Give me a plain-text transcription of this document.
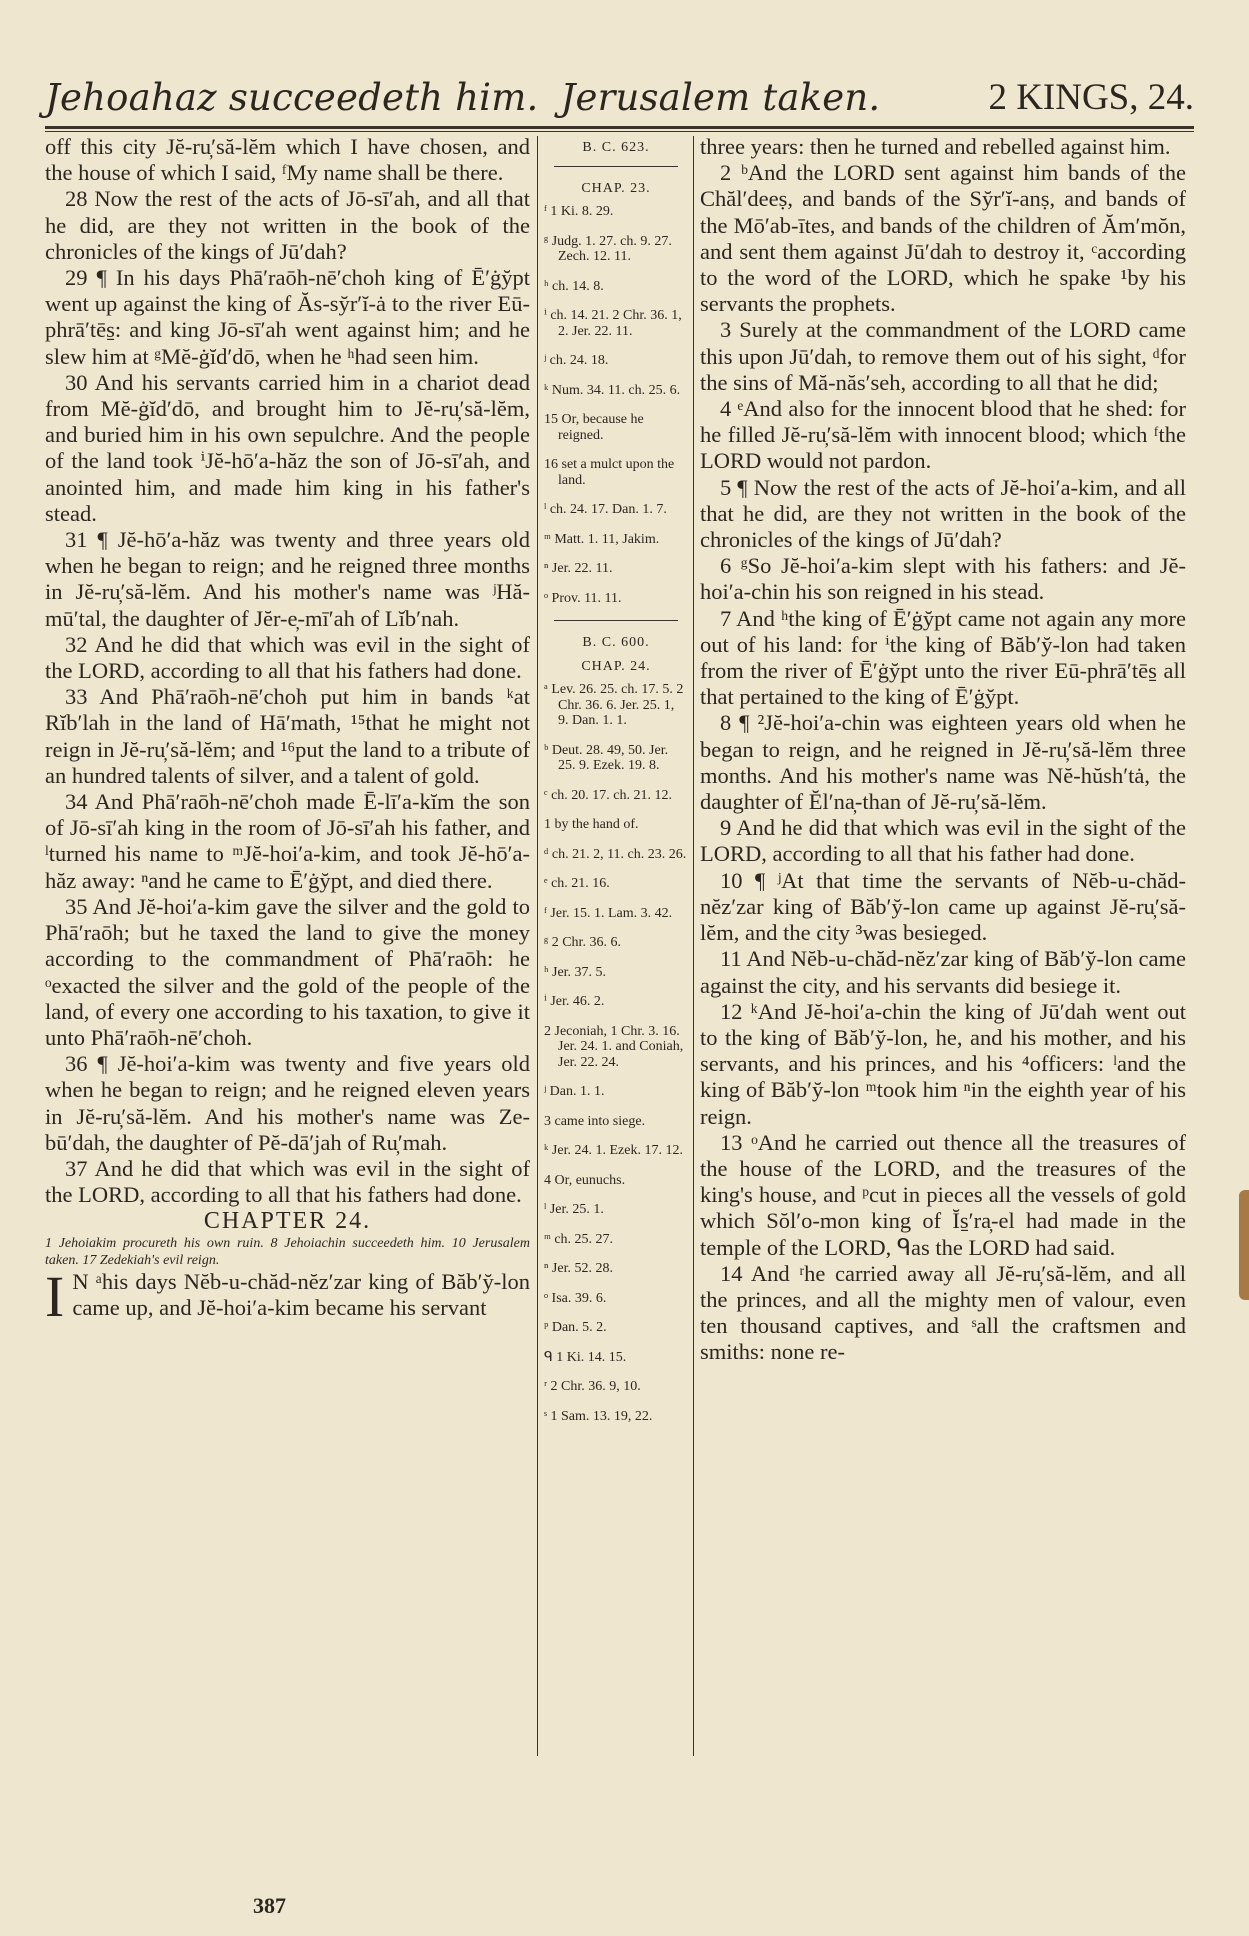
Jehoahaz succeedeth him. Jerusalem taken.	2 KINGS, 24.

off this city Jĕ-ru̦′să-lĕm which I have chosen, and the house of which I said, ᶠMy name shall be there.

28 Now the rest of the acts of Jō-sī′ah, and all that he did, are they not written in the book of the chronicles of the kings of Jū′dah?

29 ¶ In his days Phā′raōh-nē′choh king of Ē′ġy̆pt went up against the king of Ăs-sy̆r′ĭ-ȧ to the river Eū-phrā′tēs̱: and king Jō-sī′ah went against him; and he slew him at ᵍMĕ-ġĭd′dō, when he ʰhad seen him.

30 And his servants carried him in a chariot dead from Mĕ-ġĭd′dō, and brought him to Jĕ-ru̦′să-lĕm, and buried him in his own sepulchre. And the people of the land took ⁱJĕ-hō′a-hăz the son of Jō-sī′ah, and anointed him, and made him king in his father's stead.

31 ¶ Jĕ-hō′a-hăz was twenty and three years old when he began to reign; and he reigned three months in Jĕ-ru̦′să-lĕm. And his mother's name was ʲHă-mū′tal, the daughter of Jĕr-e̦-mī′ah of Lĭb′nah.

32 And he did that which was evil in the sight of the LORD, according to all that his fathers had done.

33 And Phā′raōh-nē′choh put him in bands ᵏat Rĭb′lah in the land of Hā′math, ¹⁵that he might not reign in Jĕ-ru̦′să-lĕm; and ¹⁶put the land to a tribute of an hundred talents of silver, and a talent of gold.

34 And Phā′raōh-nē′choh made Ē-lī′a-kĭm the son of Jō-sī′ah king in the room of Jō-sī′ah his father, and ˡturned his name to ᵐJĕ-hoi′a-kim, and took Jĕ-hō′a-hăz away: ⁿand he came to Ē′ġy̆pt, and died there.

35 And Jĕ-hoi′a-kim gave the silver and the gold to Phā′raōh; but he taxed the land to give the money according to the commandment of Phā′raōh: he ᵒexacted the silver and the gold of the people of the land, of every one according to his taxation, to give it unto Phā′raōh-nē′choh.

36 ¶ Jĕ-hoi′a-kim was twenty and five years old when he began to reign; and he reigned eleven years in Jĕ-ru̦′să-lĕm. And his mother's name was Ze-bū′dah, the daughter of Pĕ-dā′jah of Ru̦′mah.

37 And he did that which was evil in the sight of the LORD, according to all that his fathers had done.

CHAPTER 24.

1 Jehoiakim procureth his own ruin. 8 Jehoiachin succeedeth him. 10 Jerusalem taken. 17 Zedekiah's evil reign.

I N ᵃhis days Nĕb-u-chăd-nĕz′zar king of Băb′y̆-lon came up, and Jĕ-hoi′a-kim became his servant

B. C. 623.
CHAP. 23.
ᶠ 1 Ki. 8. 29.
ᵍ Judg. 1. 27. ch. 9. 27. Zech. 12. 11.
ʰ ch. 14. 8.
ⁱ ch. 14. 21. 2 Chr. 36. 1, 2. Jer. 22. 11.
ʲ ch. 24. 18.
ᵏ Num. 34. 11. ch. 25. 6.
15 Or, because he reigned.
16 set a mulct upon the land.
ˡ ch. 24. 17. Dan. 1. 7.
ᵐ Matt. 1. 11, Jakim.
ⁿ Jer. 22. 11.
ᵒ Prov. 11. 11.
B. C. 600.
CHAP. 24.
ᵃ Lev. 26. 25. ch. 17. 5. 2 Chr. 36. 6. Jer. 25. 1, 9. Dan. 1. 1.
ᵇ Deut. 28. 49, 50. Jer. 25. 9. Ezek. 19. 8.
ᶜ ch. 20. 17. ch. 21. 12.
1 by the hand of.
ᵈ ch. 21. 2, 11. ch. 23. 26.
ᵉ ch. 21. 16.
ᶠ Jer. 15. 1. Lam. 3. 42.
ᵍ 2 Chr. 36. 6.
ʰ Jer. 37. 5.
ⁱ Jer. 46. 2.
2 Jeconiah, 1 Chr. 3. 16. Jer. 24. 1. and Coniah, Jer. 22. 24.
ʲ Dan. 1. 1.
3 came into siege.
ᵏ Jer. 24. 1. Ezek. 17. 12.
4 Or, eunuchs.
ˡ Jer. 25. 1.
ᵐ ch. 25. 27.
ⁿ Jer. 52. 28.
ᵒ Isa. 39. 6.
ᵖ Dan. 5. 2.
ᑫ 1 Ki. 14. 15.
ʳ 2 Chr. 36. 9, 10.
ˢ 1 Sam. 13. 19, 22.

three years: then he turned and rebelled against him.

2 ᵇAnd the LORD sent against him bands of the Chăl′deeṣ, and bands of the Sy̆r′ĭ-anṣ, and bands of the Mō′ab-ītes, and bands of the children of Ăm′mŏn, and sent them against Jū′dah to destroy it, ᶜaccording to the word of the LORD, which he spake ¹by his servants the prophets.

3 Surely at the commandment of the LORD came this upon Jū′dah, to remove them out of his sight, ᵈfor the sins of Mă-năs′seh, according to all that he did;

4 ᵉAnd also for the innocent blood that he shed: for he filled Jĕ-ru̦′să-lĕm with innocent blood; which ᶠthe LORD would not pardon.

5 ¶ Now the rest of the acts of Jĕ-hoi′a-kim, and all that he did, are they not written in the book of the chronicles of the kings of Jū′dah?

6 ᵍSo Jĕ-hoi′a-kim slept with his fathers: and Jĕ-hoi′a-chin his son reigned in his stead.

7 And ʰthe king of Ē′ġy̆pt came not again any more out of his land: for ⁱthe king of Băb′y̆-lon had taken from the river of Ē′ġy̆pt unto the river Eū-phrā′tēs̱ all that pertained to the king of Ē′ġy̆pt.

8 ¶ ²Jĕ-hoi′a-chin was eighteen years old when he began to reign, and he reigned in Jĕ-ru̦′să-lĕm three months. And his mother's name was Nĕ-hŭsh′tȧ, the daughter of Ĕl′na̦-than of Jĕ-ru̦′să-lĕm.

9 And he did that which was evil in the sight of the LORD, according to all that his father had done.

10 ¶ ʲAt that time the servants of Nĕb-u-chăd-nĕz′zar king of Băb′y̆-lon came up against Jĕ-ru̦′să-lĕm, and the city ³was besieged.

11 And Nĕb-u-chăd-nĕz′zar king of Băb′y̆-lon came against the city, and his servants did besiege it.

12 ᵏAnd Jĕ-hoi′a-chin the king of Jū′dah went out to the king of Băb′y̆-lon, he, and his mother, and his servants, and his princes, and his ⁴officers: ˡand the king of Băb′y̆-lon ᵐtook him ⁿin the eighth year of his reign.

13 ᵒAnd he carried out thence all the treasures of the house of the LORD, and the treasures of the king's house, and ᵖcut in pieces all the vessels of gold which Sŏl′o-mon king of Ĭs̱′ra̦-el had made in the temple of the LORD, ᑫas the LORD had said.

14 And ʳhe carried away all Jĕ-ru̦′să-lĕm, and all the princes, and all the mighty men of valour, even ten thousand captives, and ˢall the craftsmen and smiths: none re-

387
